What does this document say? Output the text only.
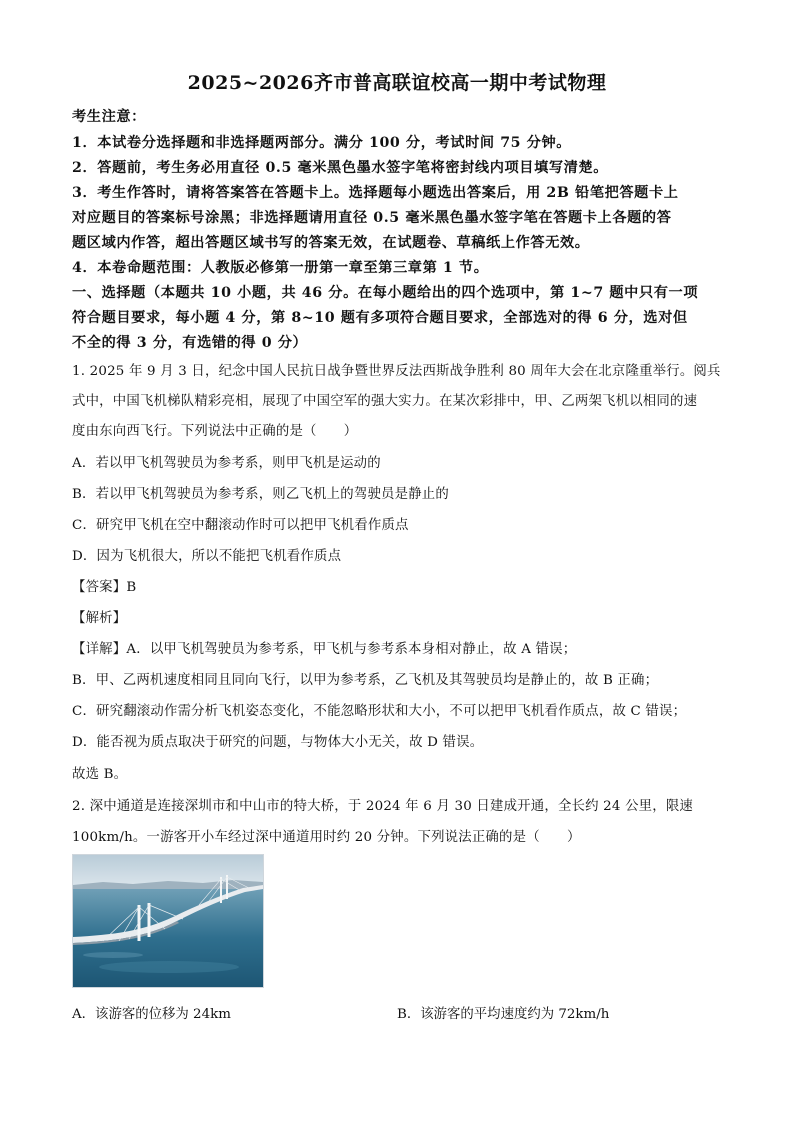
2025~2026齐市普高联谊校高一期中考试物理
考生注意：
1．本试卷分选择题和非选择题两部分。满分 100 分，考试时间 75 分钟。
2．答题前，考生务必用直径 0.5 毫米黑色墨水签字笔将密封线内项目填写清楚。
3．考生作答时，请将答案答在答题卡上。选择题每小题选出答案后，用 2B 铅笔把答题卡上
对应题目的答案标号涂黑；非选择题请用直径 0.5 毫米黑色墨水签字笔在答题卡上各题的答
题区域内作答，超出答题区域书写的答案无效，在试题卷、草稿纸上作答无效。
4．本卷命题范围：人教版必修第一册第一章至第三章第 1 节。
一、选择题（本题共 10 小题，共 46 分。在每小题给出的四个选项中，第 1~7 题中只有一项
符合题目要求，每小题 4 分，第 8~10 题有多项符合题目要求，全部选对的得 6 分，选对但
不全的得 3 分，有选错的得 0 分）
1. 2025 年 9 月 3 日，纪念中国人民抗日战争暨世界反法西斯战争胜利 80 周年大会在北京隆重举行。阅兵
式中，中国飞机梯队精彩亮相，展现了中国空军的强大实力。在某次彩排中，甲、乙两架飞机以相同的速
度由东向西飞行。下列说法中正确的是（　　）
A．若以甲飞机驾驶员为参考系，则甲飞机是运动的
B．若以甲飞机驾驶员为参考系，则乙飞机上的驾驶员是静止的
C．研究甲飞机在空中翻滚动作时可以把甲飞机看作质点
D．因为飞机很大，所以不能把飞机看作质点
【答案】B
【解析】
【详解】A．以甲飞机驾驶员为参考系，甲飞机与参考系本身相对静止，故 A 错误；
B．甲、乙两机速度相同且同向飞行，以甲为参考系，乙飞机及其驾驶员均是静止的，故 B 正确；
C．研究翻滚动作需分析飞机姿态变化，不能忽略形状和大小，不可以把甲飞机看作质点，故 C 错误；
D．能否视为质点取决于研究的问题，与物体大小无关，故 D 错误。
故选 B。
2. 深中通道是连接深圳市和中山市的特大桥，于 2024 年 6 月 30 日建成开通，全长约 24 公里，限速
100km/h。一游客开小车经过深中通道用时约 20 分钟。下列说法正确的是（　　）
A．该游客的位移为 24km	B．该游客的平均速度约为 72km/h
